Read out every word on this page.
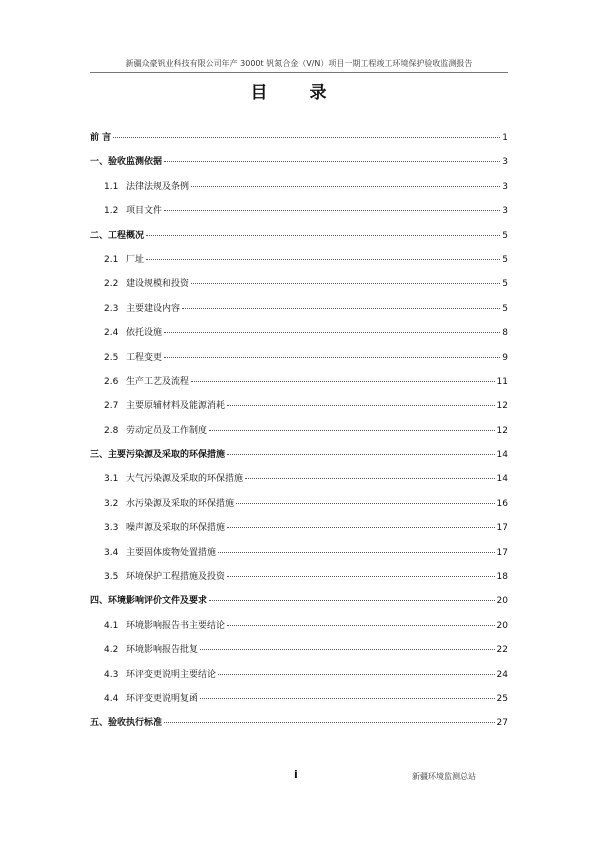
新疆众豪钒业科技有限公司年产 3000t 钒氮合金（V/N）项目一期工程竣工环境保护验收监测报告
目 录
前 言	1
一、验收监测依据	3
1.1 法律法规及条例	3
1.2 项目文件	3
二、工程概况	5
2.1 厂址	5
2.2 建设规模和投资	5
2.3 主要建设内容	5
2.4 依托设施	8
2.5 工程变更	9
2.6 生产工艺及流程	11
2.7 主要原辅材料及能源消耗	12
2.8 劳动定员及工作制度	12
三、主要污染源及采取的环保措施	14
3.1 大气污染源及采取的环保措施	14
3.2 水污染源及采取的环保措施	16
3.3 噪声源及采取的环保措施	17
3.4 主要固体废物处置措施	17
3.5 环境保护工程措施及投资	18
四、环境影响评价文件及要求	20
4.1 环境影响报告书主要结论	20
4.2 环境影响报告批复	22
4.3 环评变更说明主要结论	24
4.4 环评变更说明复函	25
五、验收执行标准	27
i	新疆环境监测总站
